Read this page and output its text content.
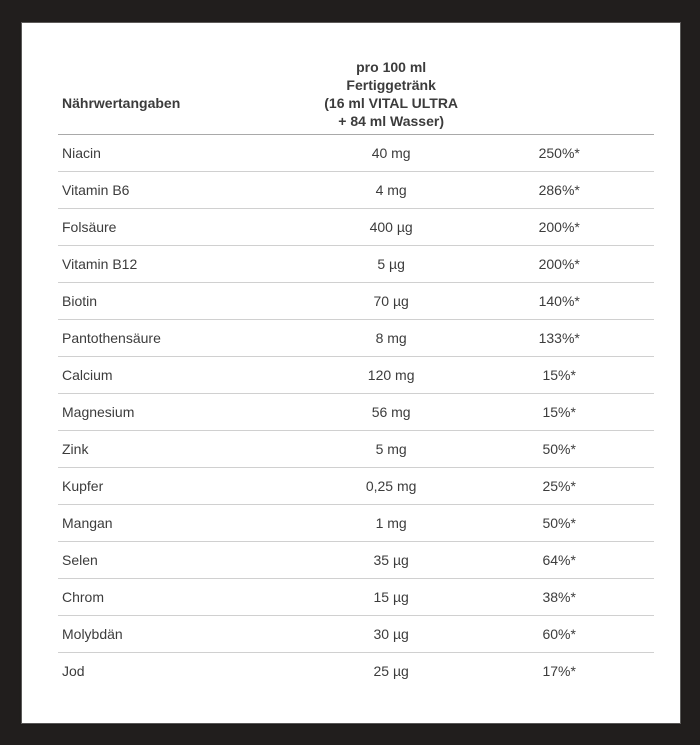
Nährwertangaben	pro 100 ml
Fertiggetränk
(16 ml VITAL ULTRA
+ 84 ml Wasser)	

Niacin	40 mg	250%*
Vitamin B6	4 mg	286%*
Folsäure	400 µg	200%*
Vitamin B12	5 µg	200%*
Biotin	70 µg	140%*
Pantothensäure	8 mg	133%*
Calcium	120 mg	15%*
Magnesium	56 mg	15%*
Zink	5 mg	50%*
Kupfer	0,25 mg	25%*
Mangan	1 mg	50%*
Selen	35 µg	64%*
Chrom	15 µg	38%*
Molybdän	30 µg	60%*
Jod	25 µg	17%*
